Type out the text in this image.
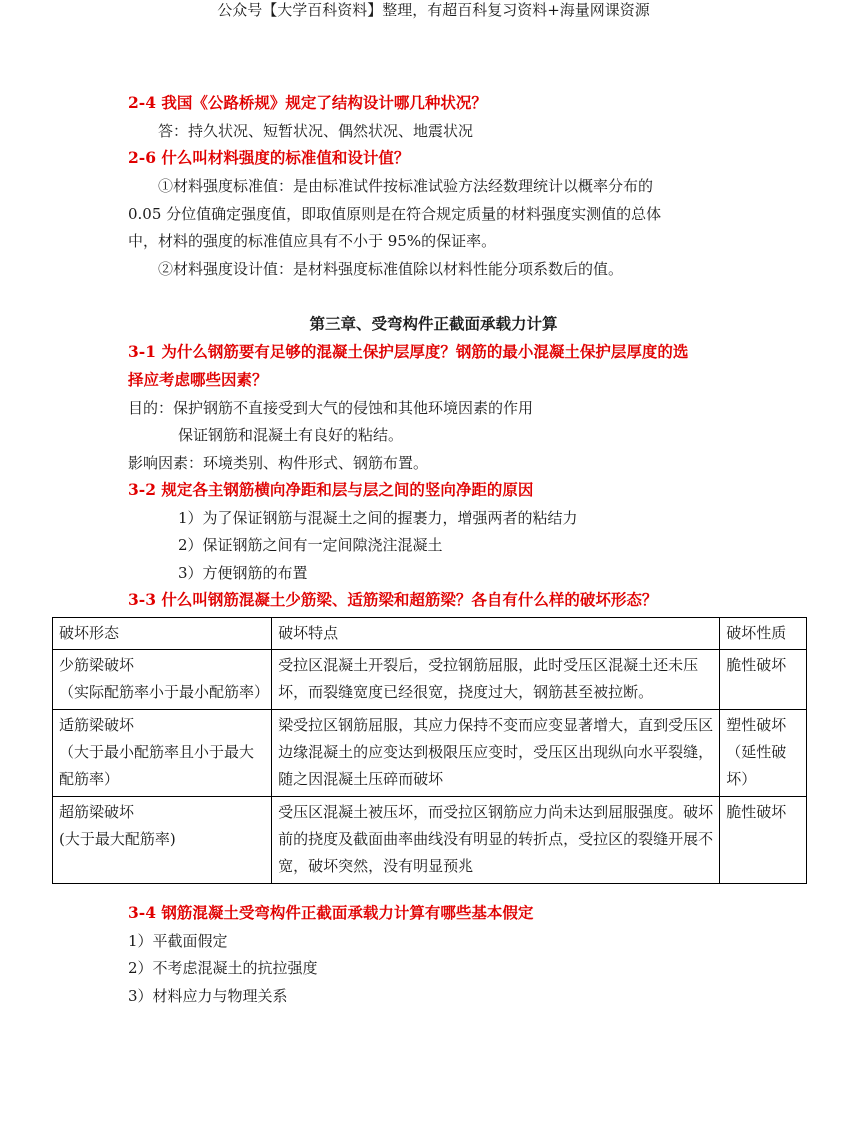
公众号【大学百科资料】整理，有超百科复习资料+海量网课资源
2-4 我国《公路桥规》规定了结构设计哪几种状况？
答：持久状况、短暂状况、偶然状况、地震状况
2-6 什么叫材料强度的标准值和设计值？
①材料强度标准值：是由标准试件按标准试验方法经数理统计以概率分布的
0.05 分位值确定强度值，即取值原则是在符合规定质量的材料强度实测值的总体
中，材料的强度的标准值应具有不小于 95%的保证率。
②材料强度设计值：是材料强度标准值除以材料性能分项系数后的值。
第三章、受弯构件正截面承载力计算
3-1 为什么钢筋要有足够的混凝土保护层厚度？钢筋的最小混凝土保护层厚度的选
择应考虑哪些因素？
目的：保护钢筋不直接受到大气的侵蚀和其他环境因素的作用
保证钢筋和混凝土有良好的粘结。
影响因素：环境类别、构件形式、钢筋布置。
3-2 规定各主钢筋横向净距和层与层之间的竖向净距的原因
1）为了保证钢筋与混凝土之间的握裹力，增强两者的粘结力
2）保证钢筋之间有一定间隙浇注混凝土
3）方便钢筋的布置
3-3 什么叫钢筋混凝土少筋梁、适筋梁和超筋梁？各自有什么样的破坏形态？
破坏形态	破坏特点	破坏性质

少筋梁破坏
（实际配筋率小于最小配筋率）	受拉区混凝土开裂后，受拉钢筋屈服，此时受压区混凝土还未压坏，而裂缝宽度已经很宽，挠度过大，钢筋甚至被拉断。	脆性破坏

适筋梁破坏
（大于最小配筋率且小于最大配筋率）	梁受拉区钢筋屈服，其应力保持不变而应变显著增大，直到受压区边缘混凝土的应变达到极限压应变时，受压区出现纵向水平裂缝，随之因混凝土压碎而破坏	塑性破坏（延性破坏）

超筋梁破坏
(大于最大配筋率)	受压区混凝土被压坏，而受拉区钢筋应力尚未达到屈服强度。破坏前的挠度及截面曲率曲线没有明显的转折点，受拉区的裂缝开展不宽，破坏突然，没有明显预兆	脆性破坏
3-4 钢筋混凝土受弯构件正截面承载力计算有哪些基本假定
1）平截面假定
2）不考虑混凝土的抗拉强度
3）材料应力与物理关系
